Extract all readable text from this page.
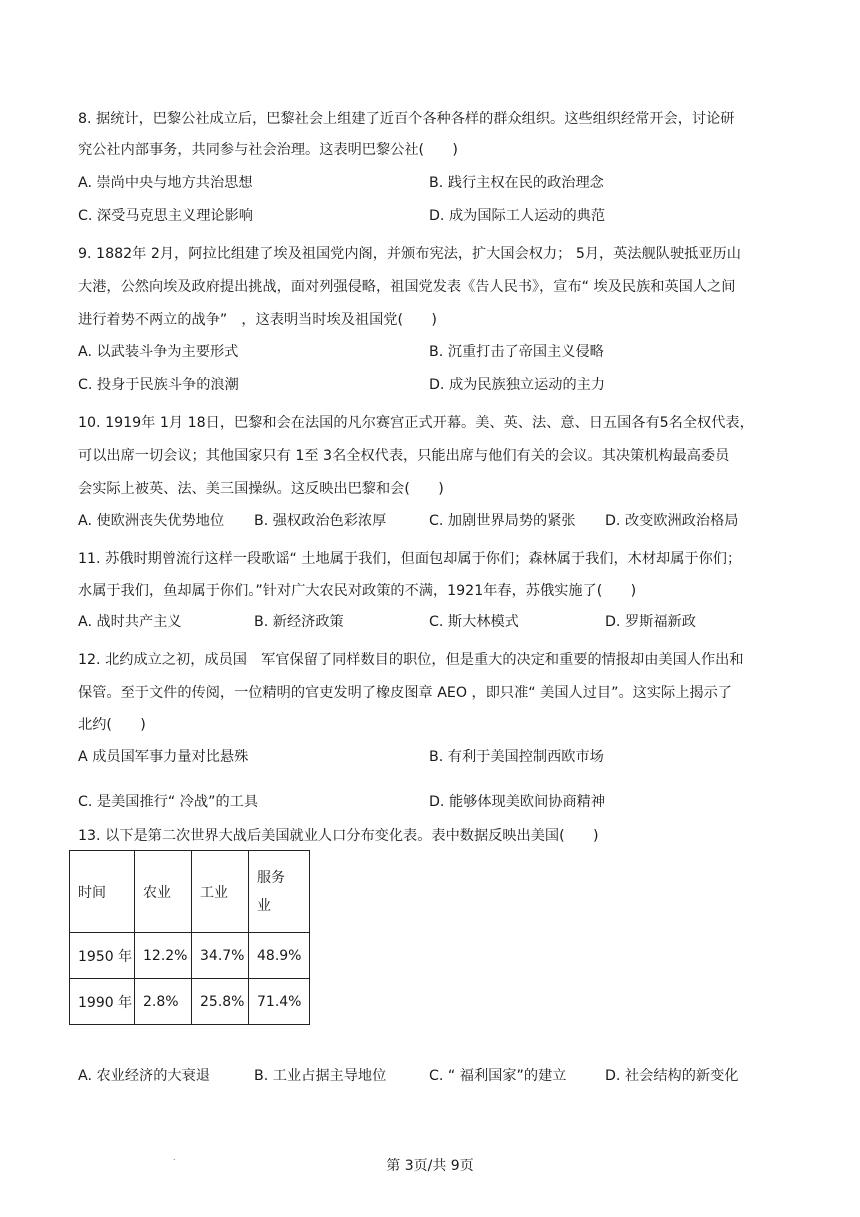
8. 据统计，巴黎公社成立后，巴黎社会上组建了近百个各种各样的群众组织。这些组织经常开会，讨论研
究公社内部事务，共同参与社会治理。这表明巴黎公社(　　)
A. 崇尚中央与地方共治思想	B. 践行主权在民的政治理念
C. 深受马克思主义理论影响	D. 成为国际工人运动的典范
9. 1882年 2月，阿拉比组建了埃及祖国党内阁，并颁布宪法，扩大国会权力； 5月，英法舰队驶抵亚历山
大港，公然向埃及政府提出挑战，面对列强侵略，祖国党发表《告人民书》，宣布“ 埃及民族和英国人之间
进行着势不两立的战争”　，这表明当时埃及祖国党(　　)
A. 以武装斗争为主要形式	B. 沉重打击了帝国主义侵略
C. 投身于民族斗争的浪潮	D. 成为民族独立运动的主力
10. 1919年 1月 18日，巴黎和会在法国的凡尔赛宫正式开幕。美、英、法、意、日五国各有5名全权代表，
可以出席一切会议；其他国家只有 1至 3名全权代表，只能出席与他们有关的会议。其决策机构最高委员
会实际上被英、法、美三国操纵。这反映出巴黎和会(　　)
A. 使欧洲丧失优势地位 B. 强权政治色彩浓厚	C. 加剧世界局势的紧张 D. 改变欧洲政治格局
11. 苏俄时期曾流行这样一段歌谣“ 土地属于我们，但面包却属于你们；森林属于我们，木材却属于你们；
水属于我们，鱼却属于你们。”针对广大农民对政策的不满，1921年春，苏俄实施了(　　)
A. 战时共产主义	B. 新经济政策	C. 斯大林模式	D. 罗斯福新政
12. 北约成立之初，成员国　军官保留了同样数目的职位，但是重大的决定和重要的情报却由美国人作出和
保管。至于文件的传阅，一位精明的官吏发明了橡皮图章 AEO ，即只准“ 美国人过目”。这实际上揭示了
北约(　　)
A 成员国军事力量对比悬殊	B. 有利于美国控制西欧市场
C. 是美国推行“ 冷战”的工具	D. 能够体现美欧间协商精神
13. 以下是第二次世界大战后美国就业人口分布变化表。表中数据反映出美国(　　)
时间	农业	工业	服务
业
1950 年	12.2%	34.7%	48.9%
1990 年	2.8%	25.8%	71.4%
A. 农业经济的大衰退	B. 工业占据主导地位	C. “ 福利国家”的建立	D. 社会结构的新变化
.
第 3页/共 9页
